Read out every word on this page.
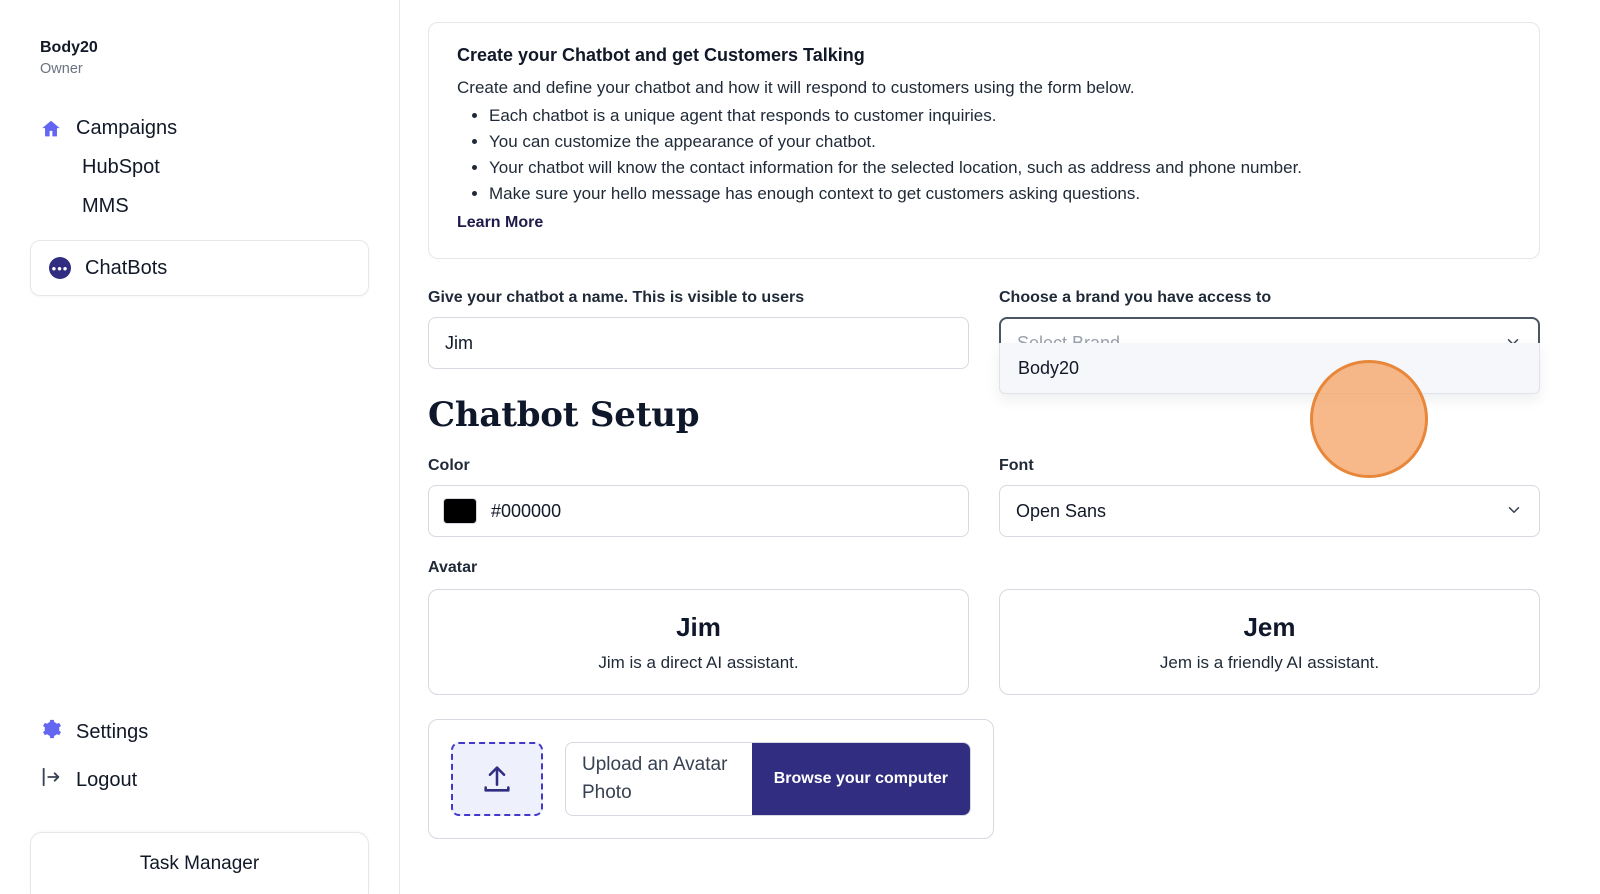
Body20
Owner
Campaigns
HubSpot
MMS
••• ChatBots
Settings
Logout
Task Manager
Create your Chatbot and get Customers Talking
Create and define your chatbot and how it will respond to customers using the form below.
• Each chatbot is a unique agent that responds to customer inquiries.
• You can customize the appearance of your chatbot.
• Your chatbot will know the contact information for the selected location, such as address and phone number.
• Make sure your hello message has enough context to get customers asking questions.
Learn More
Give your chatbot a name. This is visible to users
Jim	Choose a brand you have access to
Body20
Chatbot Setup
Color
#000000
Font
Open Sans
Avatar
Jim
Jim is a direct AI assistant.
Jem
Jem is a friendly AI assistant.
Upload an Avatar Photo
Browse your computer
